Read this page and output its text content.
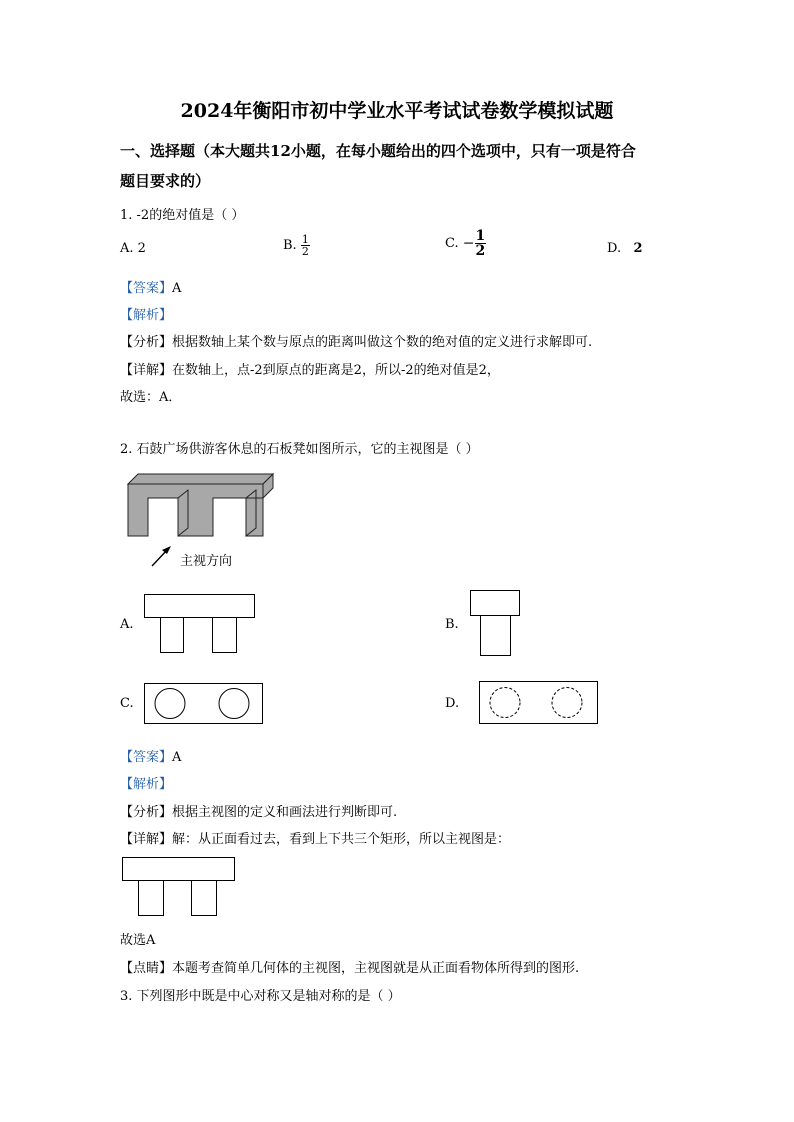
2024年衡阳市初中学业水平考试试卷数学模拟试题
一、选择题（本大题共12小题，在每小题给出的四个选项中，只有一项是符合
题目要求的）
1. -2的绝对值是（ ）
A. 2	B. $\frac{1}{2}$	C. − $\frac{1}{2}$	D. 2
【答案】A
【解析】
【分析】根据数轴上某个数与原点的距离叫做这个数的绝对值的定义进行求解即可.
【详解】在数轴上，点-2到原点的距离是2，所以-2的绝对值是2，
故选：A．
2. 石鼓广场供游客休息的石板凳如图所示，它的主视图是（ ）
主视方向
A.	B.
C.	D.
【答案】A
【解析】
【分析】根据主视图的定义和画法进行判断即可.
【详解】解：从正面看过去，看到上下共三个矩形，所以主视图是：
故选A
【点睛】本题考查简单几何体的主视图，主视图就是从正面看物体所得到的图形.
3. 下列图形中既是中心对称又是轴对称的是（ ）
